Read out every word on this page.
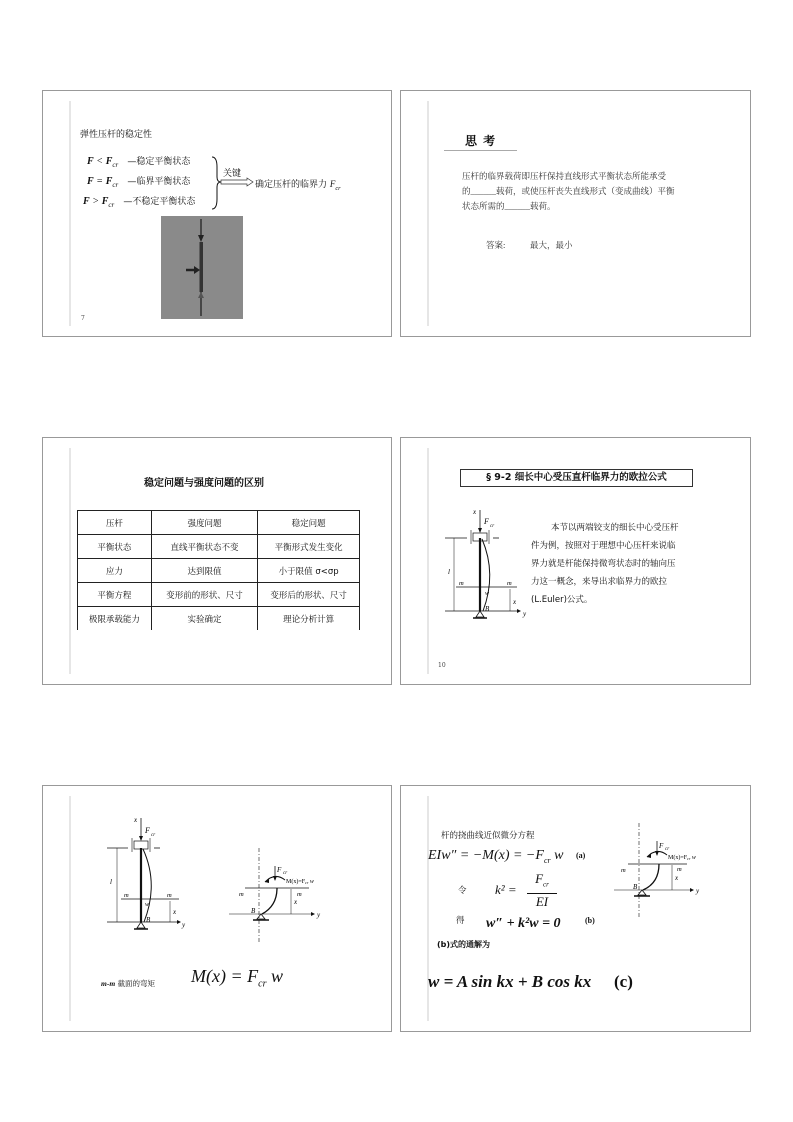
弹性压杆的稳定性
$F < F_{cr}$ —稳定平衡状态
$F = F_{cr}$ —临界平衡状态
$F > F_{cr}$ —不稳定平衡状态
关键
确定压杆的临界力 $F_{cr}$
7
思 考
压杆的临界载荷即压杆保持直线形式平衡状态所能承受
的______载荷，或使压杆丧失直线形式（变成曲线）平衡
状态所需的______载荷。
答案:	最大，最小
稳定问题与强度问题的区别
压杆	强度问题	稳定问题
平衡状态	直线平衡状态不变	平衡形式发生变化
应力	达到限值	小于限值 σ<σp
平衡方程	变形前的形状、尺寸	变形后的形状、尺寸
极限承载能力	实验确定	理论分析计算
§ 9-2 细长中心受压直杆临界力的欧拉公式
x
F
cr
l
m	m
w
x
y
B
本节以两端铰支的细长中心受压杆
件为例，按照对于理想中心压杆来说临
界力就是杆能保持微弯状态时的轴向压
力这一概念，来导出求临界力的欧拉
(L.Euler)公式。
10
x
F
cr
l
m	m
w
x
y
B
F cr
M(x)=Fcr w
m	m
x
y
B
m-m 截面的弯矩 $M(x) = F_{cr}$ w
杆的挠曲线近似微分方程
$EIw'' = -M(x) = -F_{cr}$ w (a)
令 k² =
$F_{cr}$
EI
得 w″ + k²w = 0	(b)
(b)式的通解为
w = A sin kx + B cos kx (c)
F cr
M(x)=Fcr w
m	m
x
y
B
